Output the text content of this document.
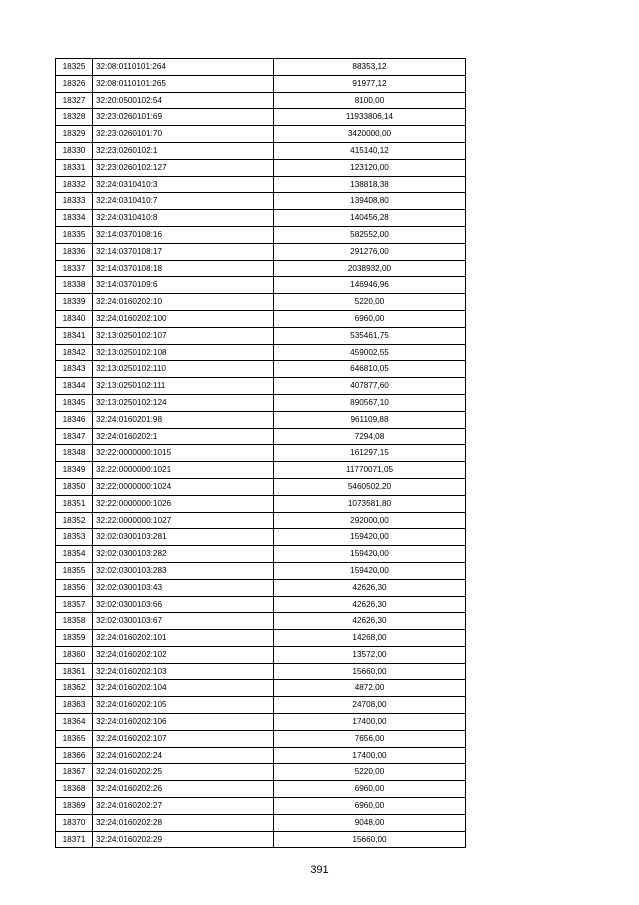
18325	32:08:0110101:264	88353,12
18326	32:08:0110101:265	91977,12
18327	32:20:0500102:54	8100,00
18328	32:23:0260101:69	11933806,14
18329	32:23:0260101:70	3420000,00
18330	32:23:0260102:1	415140,12
18331	32:23:0260102:127	123120,00
18332	32:24:0310410:3	138818,38
18333	32:24:0310410:7	139408,80
18334	32:24:0310410:8	140456,28
18335	32:14:0370108:16	582552,00
18336	32:14:0370108:17	291276,00
18337	32:14:0370108:18	2038932,00
18338	32:14:0370109:6	146946,96
18339	32:24:0160202:10	5220,00
18340	32:24:0160202:100	6960,00
18341	32:13:0250102:107	535461,75
18342	32:13:0250102:108	459002,55
18343	32:13:0250102:110	646810,05
18344	32:13:0250102:111	407877,60
18345	32:13:0250102:124	890567,10
18346	32:24:0160201:98	961109,88
18347	32:24:0160202:1	7294,08
18348	32:22:0000000:1015	161297,15
18349	32:22:0000000:1021	11770071,05
18350	32:22:0000000:1024	5460502,20
18351	32:22:0000000:1026	1073581,80
18352	32:22:0000000:1027	292000,00
18353	32:02:0300103:281	159420,00
18354	32:02:0300103:282	159420,00
18355	32:02:0300103:283	159420,00
18356	32:02:0300103:43	42626,30
18357	32:02:0300103:66	42626,30
18358	32:02:0300103:67	42626,30
18359	32:24:0160202:101	14268,00
18360	32:24:0160202:102	13572,00
18361	32:24:0160202:103	15660,00
18362	32:24:0160202:104	4872,00
18363	32:24:0160202:105	24708,00
18364	32:24:0160202:106	17400,00
18365	32:24:0160202:107	7656,00
18366	32:24:0160202:24	17400,00
18367	32:24:0160202:25	5220,00
18368	32:24:0160202:26	6960,00
18369	32:24:0160202:27	6960,00
18370	32:24:0160202:28	9048,00
18371	32:24:0160202:29	15660,00
391
